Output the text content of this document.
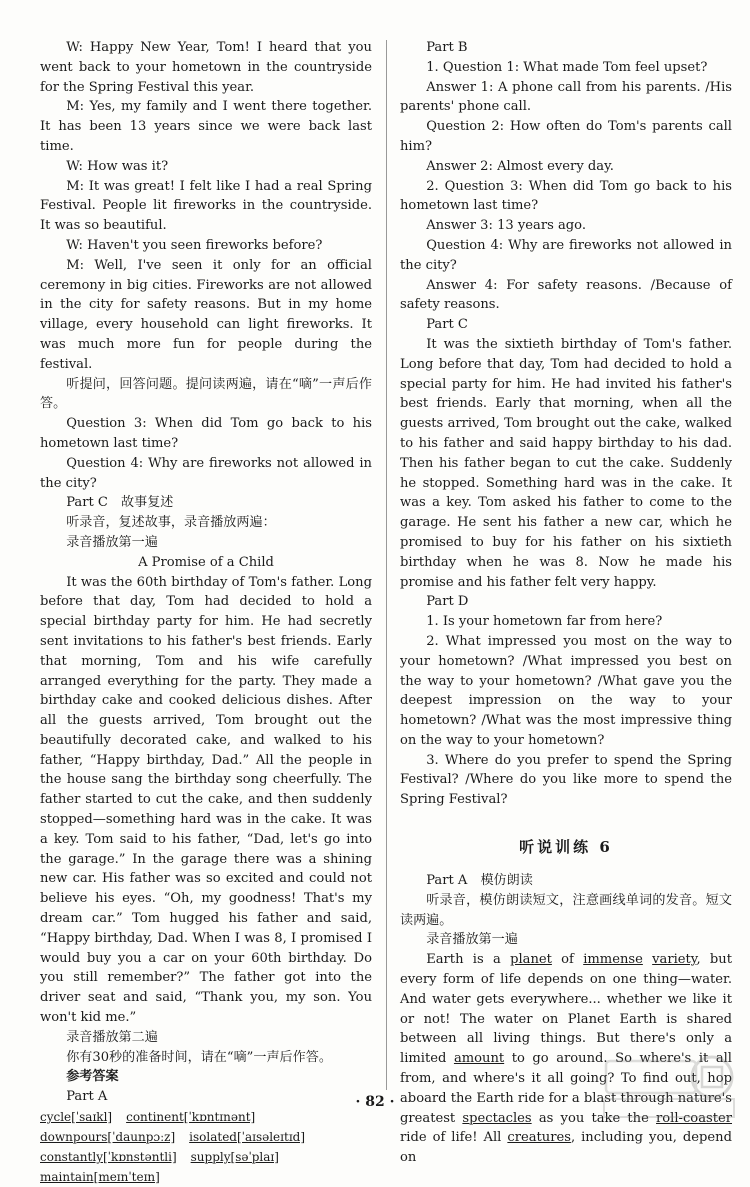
W: Happy New Year, Tom! I heard that you went back to your hometown in the countryside for the Spring Festival this year.

M: Yes, my family and I went there together. It has been 13 years since we were back last time.

W: How was it?

M: It was great! I felt like I had a real Spring Festival. People lit fireworks in the countryside. It was so beautiful.

W: Haven't you seen fireworks before?

M: Well, I've seen it only for an official ceremony in big cities. Fireworks are not allowed in the city for safety reasons. But in my home village, every household can light fireworks. It was much more fun for people during the festival.

听提问，回答问题。提问读两遍，请在“嘀”一声后作答。

Question 3: When did Tom go back to his hometown last time?

Question 4: Why are fireworks not allowed in the city?

Part C　故事复述

听录音，复述故事，录音播放两遍：

录音播放第一遍

A Promise of a Child

It was the 60th birthday of Tom's father. Long before that day, Tom had decided to hold a special birthday party for him. He had secretly sent invitations to his father's best friends. Early that morning, Tom and his wife carefully arranged everything for the party. They made a birthday cake and cooked delicious dishes. After all the guests arrived, Tom brought out the beautifully decorated cake, and walked to his father, “Happy birthday, Dad.” All the people in the house sang the birthday song cheerfully. The father started to cut the cake, and then suddenly stopped—something hard was in the cake. It was a key. Tom said to his father, “Dad, let's go into the garage.” In the garage there was a shining new car. His father was so excited and could not believe his eyes. “Oh, my goodness! That's my dream car.” Tom hugged his father and said, “Happy birthday, Dad. When I was 8, I promised I would buy you a car on your 60th birthday. Do you still remember?” The father got into the driver seat and said, “Thank you, my son. You won't kid me.”

录音播放第二遍

你有30秒的准备时间，请在“嘀”一声后作答。

参考答案

Part A

cycle[ˈsaɪkl] continent[ˈkɒntɪnənt]
downpours[ˈdaunpɔːz] isolated[ˈaɪsəleɪtɪd]
constantly[ˈkɒnstəntli] supply[səˈplaɪ]
maintain[meɪnˈteɪn]

Part B

1. Question 1: What made Tom feel upset?

Answer 1: A phone call from his parents. /His parents' phone call.

Question 2: How often do Tom's parents call him?

Answer 2: Almost every day.

2. Question 3: When did Tom go back to his hometown last time?

Answer 3: 13 years ago.

Question 4: Why are fireworks not allowed in the city?

Answer 4: For safety reasons. /Because of safety reasons.

Part C

It was the sixtieth birthday of Tom's father. Long before that day, Tom had decided to hold a special party for him. He had invited his father's best friends. Early that morning, when all the guests arrived, Tom brought out the cake, walked to his father and said happy birthday to his dad. Then his father began to cut the cake. Suddenly he stopped. Something hard was in the cake. It was a key. Tom asked his father to come to the garage. He sent his father a new car, which he promised to buy for his father on his sixtieth birthday when he was 8. Now he made his promise and his father felt very happy.

Part D

1. Is your hometown far from here?

2. What impressed you most on the way to your hometown? /What impressed you best on the way to your hometown? /What gave you the deepest impression on the way to your hometown? /What was the most impressive thing on the way to your hometown?

3. Where do you prefer to spend the Spring Festival? /Where do you like more to spend the Spring Festival?

听说训练 6

Part A　模仿朗读

听录音，模仿朗读短文，注意画线单词的发音。短文读两遍。

录音播放第一遍

Earth is a planet of immense variety, but every form of life depends on one thing—water. And water gets everywhere... whether we like it or not! The water on Planet Earth is shared between all living things. But there's only a limited amount to go around. So where's it all from, and where's it all going? To find out, hop aboard the Earth ride for a blast through nature's greatest spectacles as you take the roll-coaster ride of life! All creatures, including you, depend on

· 82 ·
